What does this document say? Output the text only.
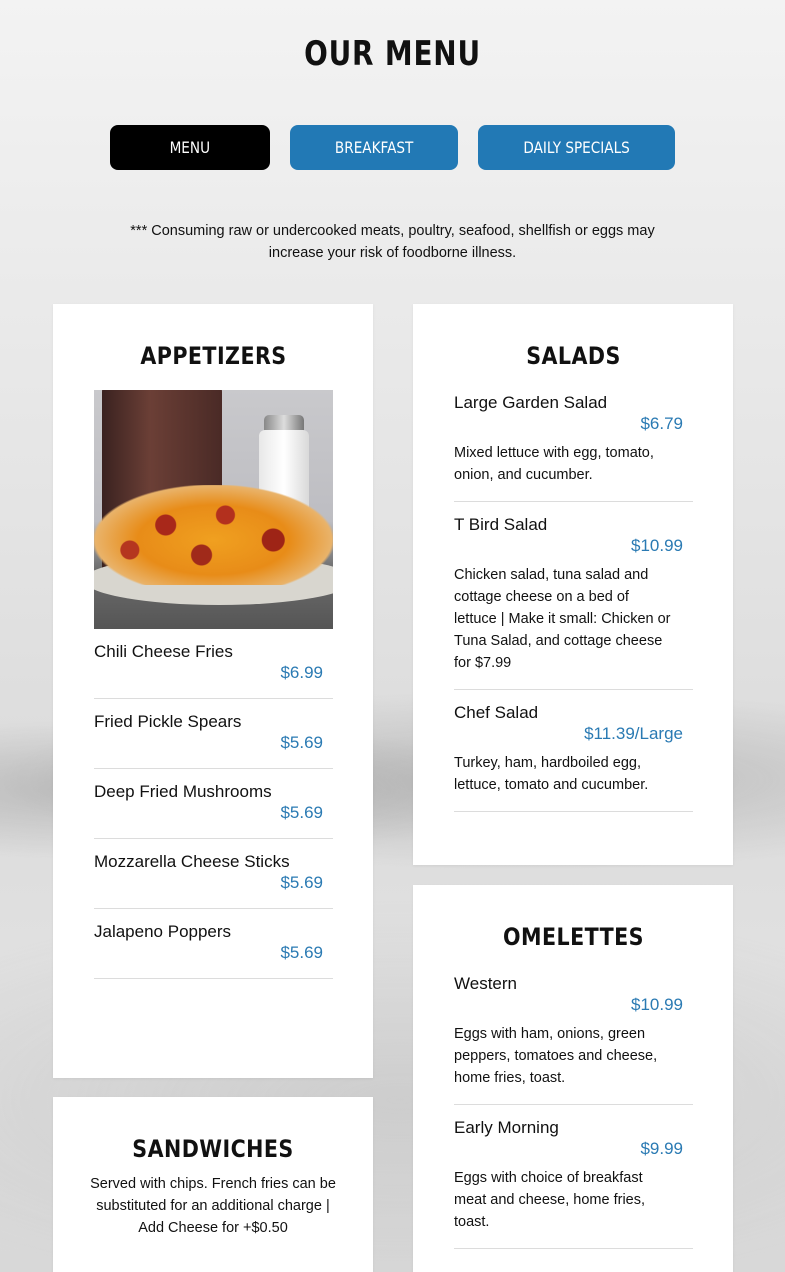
OUR MENU
MENU	BREAKFAST	DAILY SPECIALS

*** Consuming raw or undercooked meats, poultry, seafood, shellfish or eggs may increase your risk of foodborne illness.

APPETIZERS
Chili Cheese Fries
$6.99
Fried Pickle Spears
$5.69
Deep Fried Mushrooms
$5.69
Mozzarella Cheese Sticks
$5.69
Jalapeno Poppers
$5.69
SALADS
Large Garden Salad
$6.79
Mixed lettuce with egg, tomato, onion, and cucumber.
T Bird Salad
$10.99
Chicken salad, tuna salad and cottage cheese on a bed of lettuce | Make it small: Chicken or Tuna Salad, and cottage cheese for $7.99
Chef Salad
$11.39/Large
Turkey, ham, hardboiled egg, lettuce, tomato and cucumber.
OMELETTES
Western
$10.99
Eggs with ham, onions, green peppers, tomatoes and cheese, home fries, toast.
Early Morning
$9.99
Eggs with choice of breakfast meat and cheese, home fries, toast.
SANDWICHES

Served with chips. French fries can be substituted for an additional charge | Add Cheese for +$0.50
